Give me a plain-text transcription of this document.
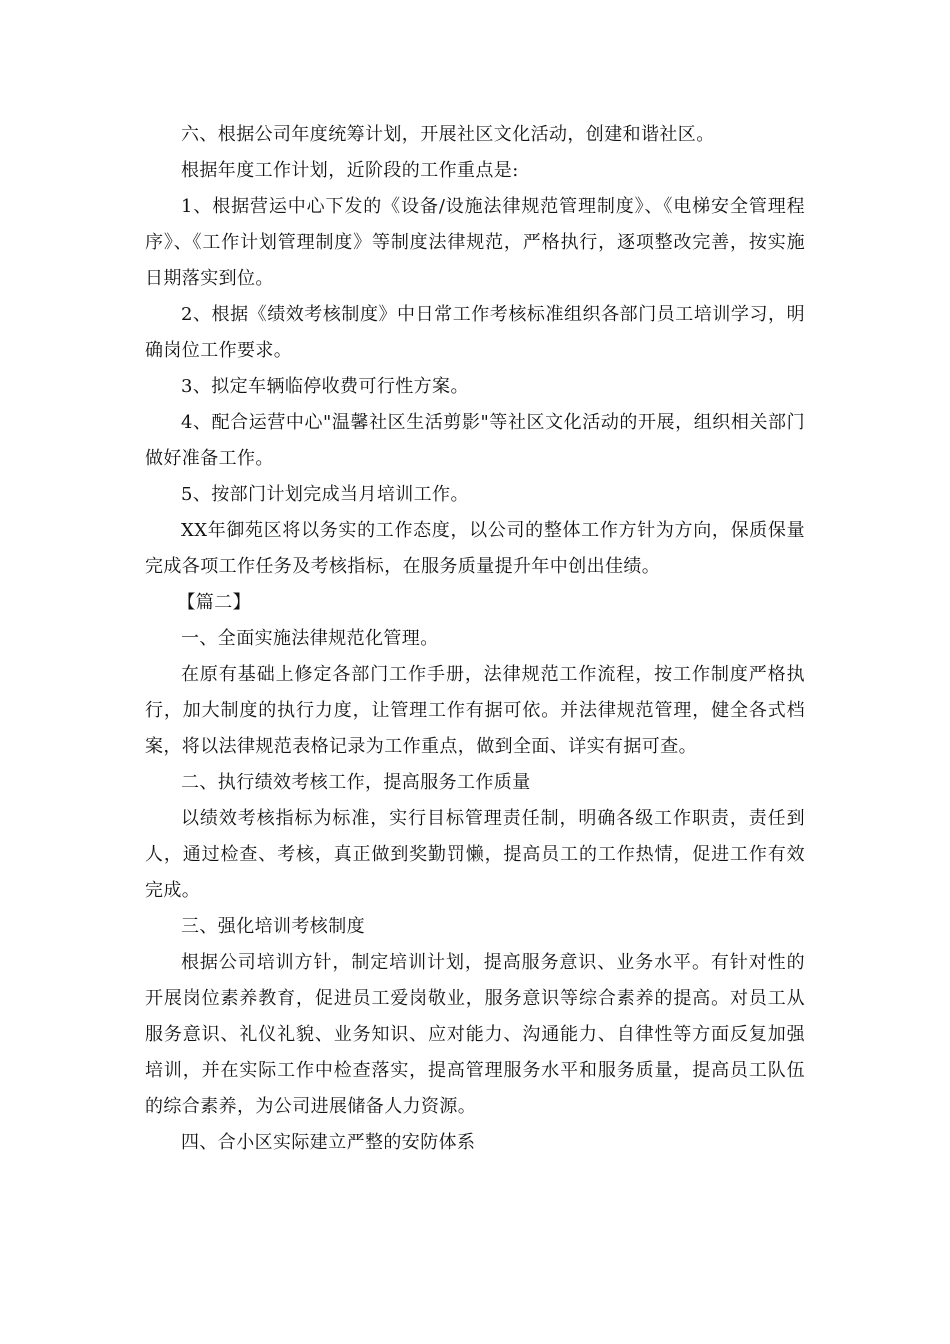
六、根据公司年度统筹计划，开展社区文化活动，创建和谐社区。

根据年度工作计划，近阶段的工作重点是:

1、根据营运中心下发的《设备/设施法律规范管理制度》、《电梯安全管理程序》、《工作计划管理制度》等制度法律规范，严格执行，逐项整改完善，按实施日期落实到位。

2、根据《绩效考核制度》中日常工作考核标准组织各部门员工培训学习，明确岗位工作要求。

3、拟定车辆临停收费可行性方案。

4、配合运营中心"温馨社区生活剪影"等社区文化活动的开展，组织相关部门做好准备工作。

5、按部门计划完成当月培训工作。

XX年御苑区将以务实的工作态度，以公司的整体工作方针为方向，保质保量完成各项工作任务及考核指标，在服务质量提升年中创出佳绩。

【篇二】

一、全面实施法律规范化管理。

在原有基础上修定各部门工作手册，法律规范工作流程，按工作制度严格执行，加大制度的执行力度，让管理工作有据可依。并法律规范管理，健全各式档案，将以法律规范表格记录为工作重点，做到全面、详实有据可查。

二、执行绩效考核工作，提高服务工作质量

以绩效考核指标为标准，实行目标管理责任制，明确各级工作职责，责任到人，通过检查、考核，真正做到奖勤罚懒，提高员工的工作热情，促进工作有效完成。

三、强化培训考核制度

根据公司培训方针，制定培训计划，提高服务意识、业务水平。有针对性的开展岗位素养教育，促进员工爱岗敬业，服务意识等综合素养的提高。对员工从服务意识、礼仪礼貌、业务知识、应对能力、沟通能力、自律性等方面反复加强培训，并在实际工作中检查落实，提高管理服务水平和服务质量，提高员工队伍的综合素养，为公司进展储备人力资源。

四、合小区实际建立严整的安防体系
